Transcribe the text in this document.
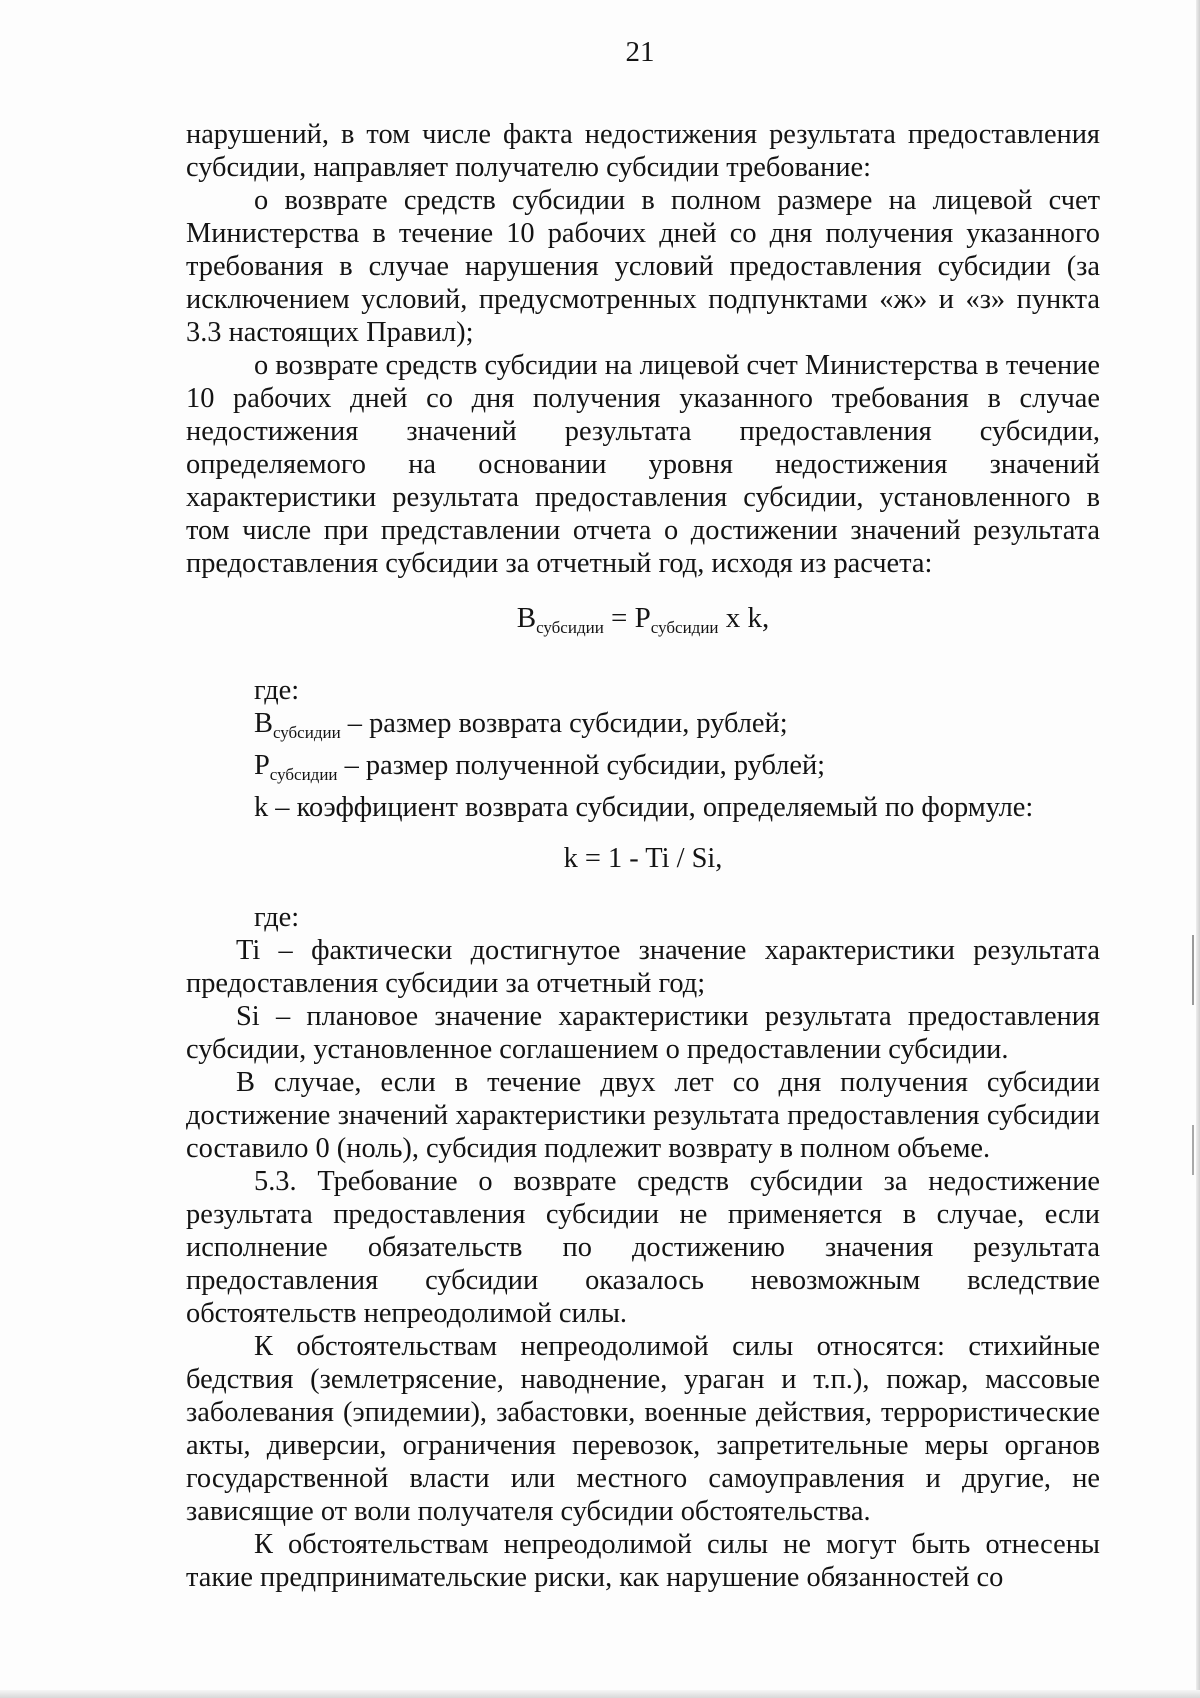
21

нарушений, в том числе факта недостижения результата предоставления субсидии, направляет получателю субсидии требование:

о возврате средств субсидии в полном размере на лицевой счет Министерства в течение 10 рабочих дней со дня получения указанного требования в случае нарушения условий предоставления субсидии (за исключением условий, предусмотренных подпунктами «ж» и «з» пункта 3.3 настоящих Правил);

о возврате средств субсидии на лицевой счет Министерства в течение 10 рабочих дней со дня получения указанного требования в случае недостижения значений результата предоставления субсидии, определяемого на основании уровня недостижения значений характеристики результата предоставления субсидии, установленного в том числе при представлении отчета о достижении значений результата предоставления субсидии за отчетный год, исходя из расчета:

$В_{субсидии} = Р_{субсидии}$ х k,

где:

$В_{субсидии}$ – размер возврата субсидии, рублей;

$Р_{субсидии}$ – размер полученной субсидии, рублей;

k – коэффициент возврата субсидии, определяемый по формуле:

k = 1 - Ti / Si,

где:

Ti – фактически достигнутое значение характеристики результата предоставления субсидии за отчетный год;

Si – плановое значение характеристики результата предоставления субсидии, установленное соглашением о предоставлении субсидии.

В случае, если в течение двух лет со дня получения субсидии достижение значений характеристики результата предоставления субсидии составило 0 (ноль), субсидия подлежит возврату в полном объеме.

5.3. Требование о возврате средств субсидии за недостижение результата предоставления субсидии не применяется в случае, если исполнение обязательств по достижению значения результата предоставления субсидии оказалось невозможным вследствие обстоятельств непреодолимой силы.

К обстоятельствам непреодолимой силы относятся: стихийные бедствия (землетрясение, наводнение, ураган и т.п.), пожар, массовые заболевания (эпидемии), забастовки, военные действия, террористические акты, диверсии, ограничения перевозок, запретительные меры органов государственной власти или местного самоуправления и другие, не зависящие от воли получателя субсидии обстоятельства.

К обстоятельствам непреодолимой силы не могут быть отнесены такие предпринимательские риски, как нарушение обязанностей со
